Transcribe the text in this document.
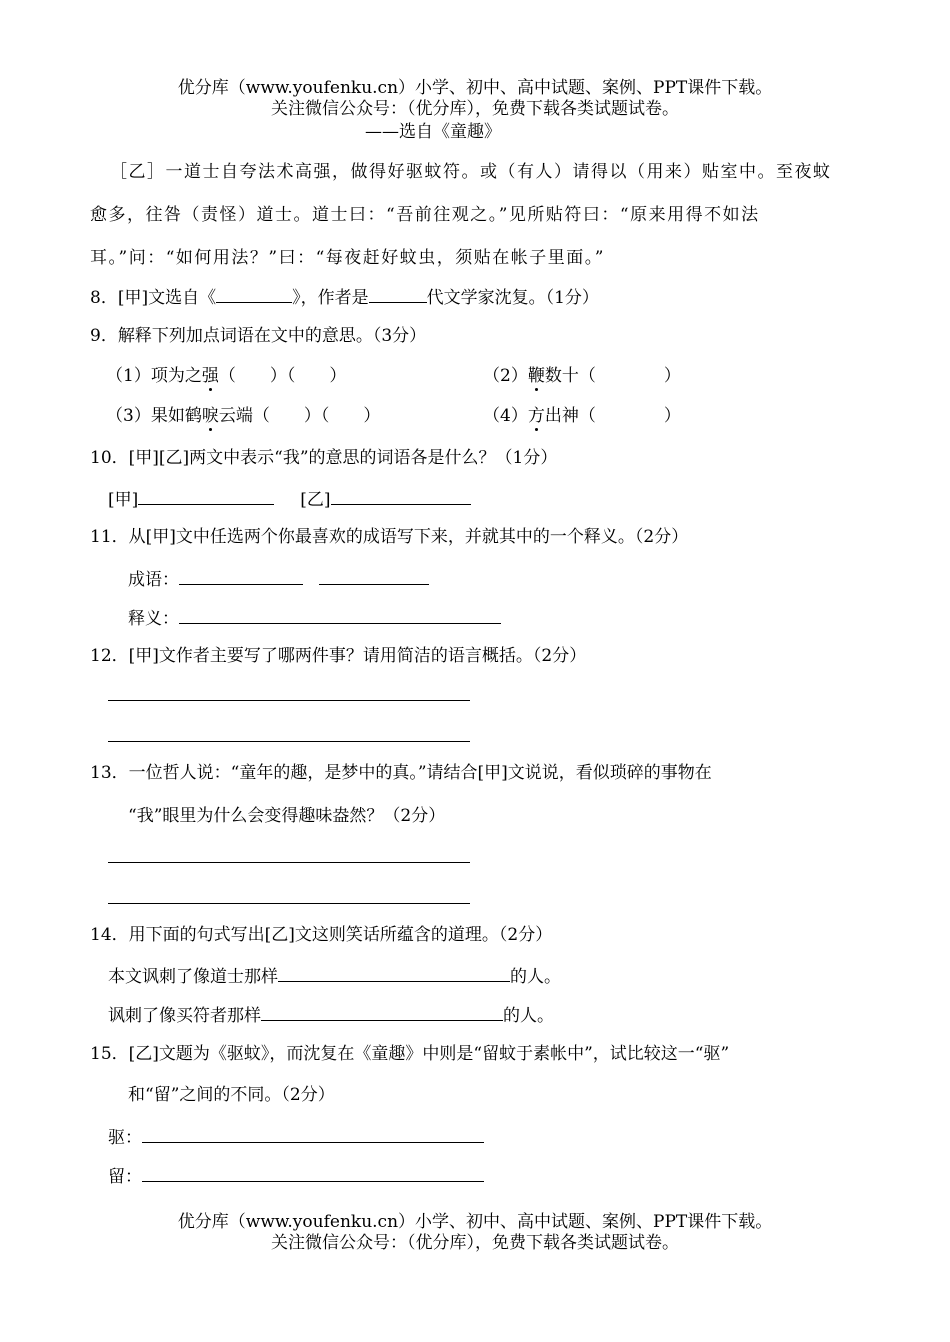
优分库（www.youfenku.cn）小学、初中、高中试题、案例、PPT课件下载。
关注微信公众号：（优分库），免费下载各类试题试卷。
——选自《童趣》
［乙］一道士自夸法术高强，做得好驱蚊符。或（有人）请得以（用来）贴室中。至夜蚊
愈多，往咎（责怪）道士。道士曰：“吾前往观之。”见所贴符曰：“原来用得不如法
耳。”问：“如何用法？”曰：“每夜赶好蚊虫，须贴在帐子里面。”
8．[甲]文选自《	》，作者是	代文学家沈复。（1分）
9．解释下列加点词语在文中的意思。（3分）
（1）项为之强（　　）（　　）	（2）鞭数十（　　　　）
（3）果如鹤唳云端（　　）（　　）	（4）方出神（　　　　）
10．[甲][乙]两文中表示“我”的意思的词语各是什么？（1分）
[甲]	[乙]
11．从[甲]文中任选两个你最喜欢的成语写下来，并就其中的一个释义。（2分）
成语：
释义：
12．[甲]文作者主要写了哪两件事？请用简洁的语言概括。（2分）
13．一位哲人说：“童年的趣，是梦中的真。”请结合[甲]文说说，看似琐碎的事物在
“我”眼里为什么会变得趣味盎然？（2分）
14．用下面的句式写出[乙]文这则笑话所蕴含的道理。（2分）
本文讽刺了像道士那样	的人。
讽刺了像买符者那样	的人。
15．[乙]文题为《驱蚊》，而沈复在《童趣》中则是“留蚊于素帐中”，试比较这一“驱”
和“留”之间的不同。（2分）
驱：
留：
优分库（www.youfenku.cn）小学、初中、高中试题、案例、PPT课件下载。
关注微信公众号：（优分库），免费下载各类试题试卷。
